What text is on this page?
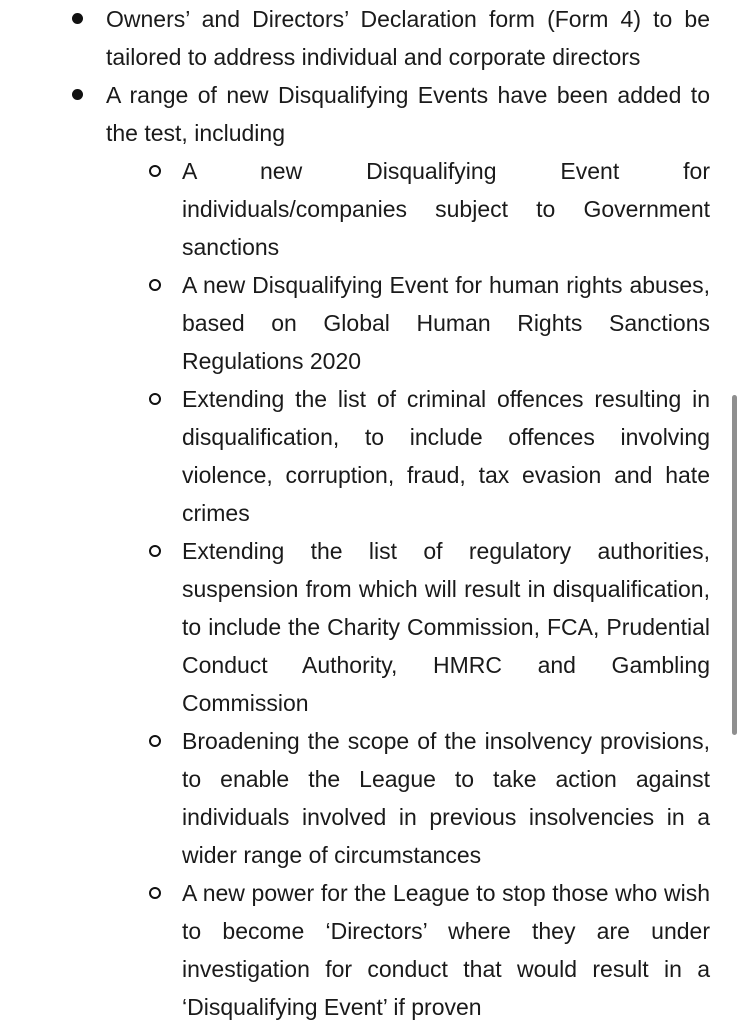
Owners’ and Directors’ Declaration form (Form 4) to be tailored to address individual and corporate directors
A range of new Disqualifying Events have been added to the test, including
A new Disqualifying Event for individuals/companies subject to Government sanctions
A new Disqualifying Event for human rights abuses, based on Global Human Rights Sanctions Regulations 2020
Extending the list of criminal offences resulting in disqualification, to include offences involving violence, corruption, fraud, tax evasion and hate crimes
Extending the list of regulatory authorities, suspension from which will result in disqualification, to include the Charity Commission, FCA, Prudential Conduct Authority, HMRC and Gambling Commission
Broadening the scope of the insolvency provisions, to enable the League to take action against individuals involved in previous insolvencies in a wider range of circumstances
A new power for the League to stop those who wish to become ‘Directors’ where they are under investigation for conduct that would result in a ‘Disqualifying Event’ if proven
